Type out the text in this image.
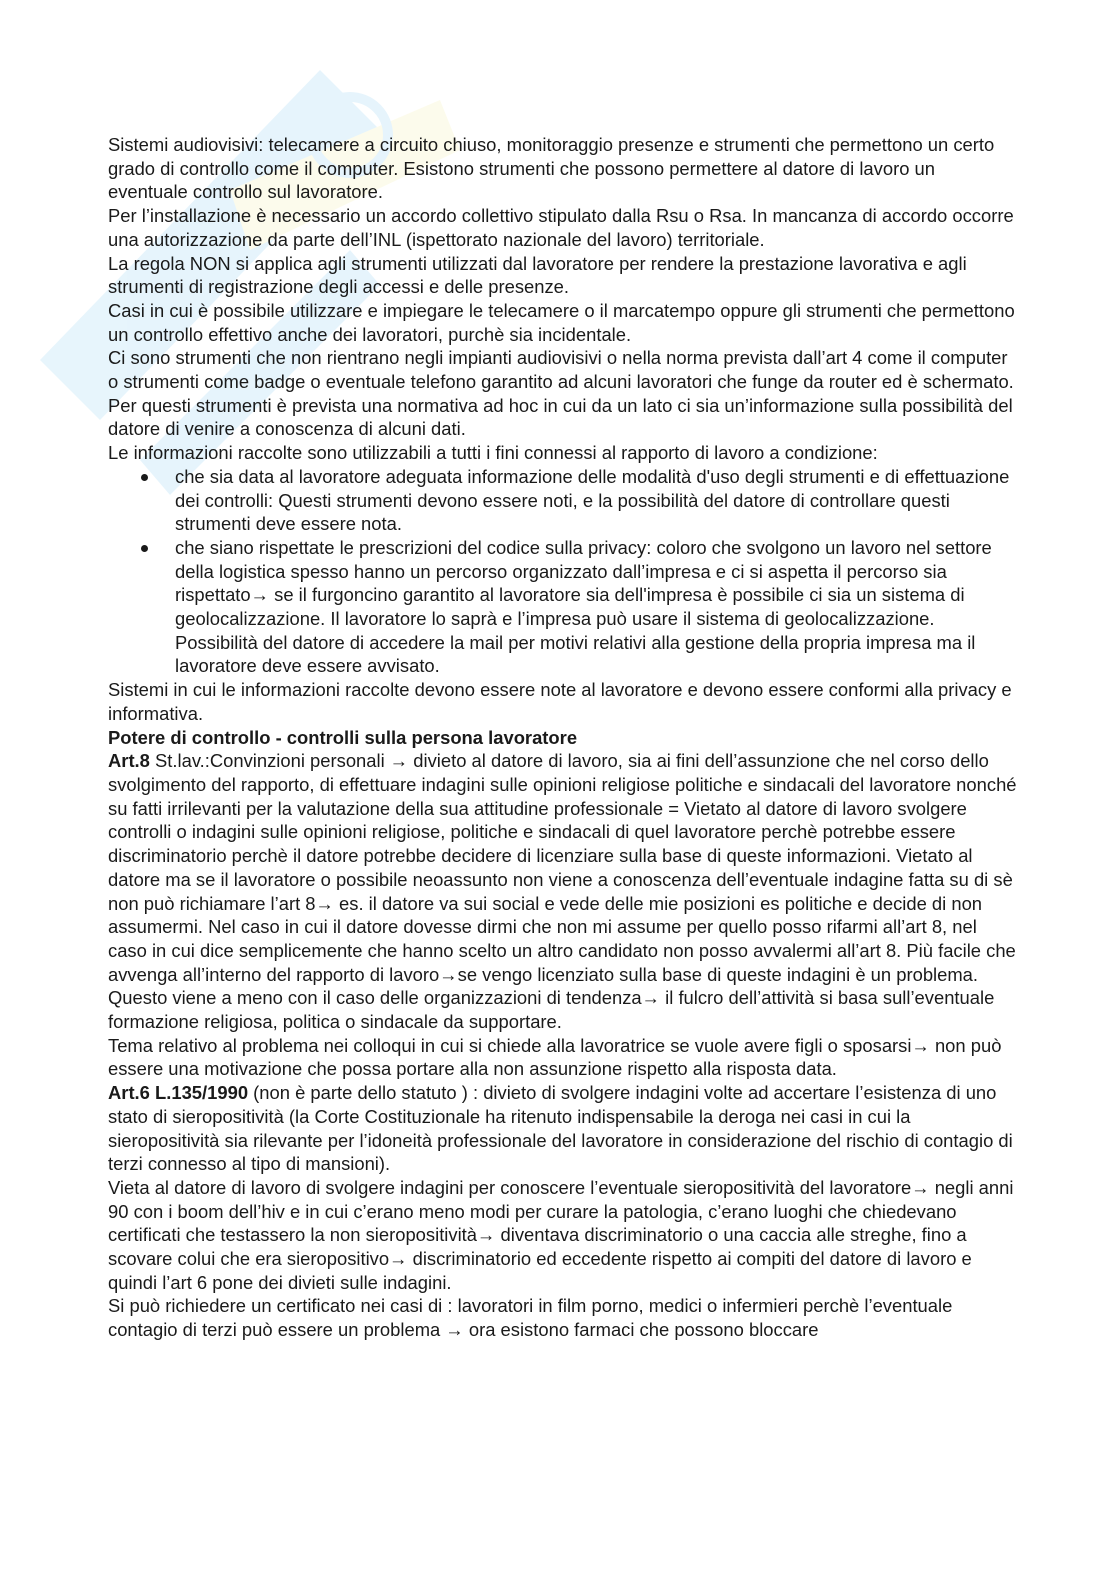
Sistemi audiovisivi: telecamere a circuito chiuso, monitoraggio presenze e strumenti che permettono un certo grado di controllo come il computer. Esistono strumenti che possono permettere al datore di lavoro un eventuale controllo sul lavoratore.

Per l’installazione è necessario un accordo collettivo stipulato dalla Rsu o Rsa. In mancanza di accordo occorre una autorizzazione da parte dell’INL (ispettorato nazionale del lavoro) territoriale.

La regola NON si applica agli strumenti utilizzati dal lavoratore per rendere la prestazione lavorativa e agli strumenti di registrazione degli accessi e delle presenze.

Casi in cui è possibile utilizzare e impiegare le telecamere o il marcatempo oppure gli strumenti che permettono un controllo effettivo anche dei lavoratori, purchè sia incidentale.

Ci sono strumenti che non rientrano negli impianti audiovisivi o nella norma prevista dall’art 4 come il computer o strumenti come badge o eventuale telefono garantito ad alcuni lavoratori che funge da router ed è schermato. Per questi strumenti è prevista una normativa ad hoc in cui da un lato ci sia un’informazione sulla possibilità del datore di venire a conoscenza di alcuni dati.

Le informazioni raccolte sono utilizzabili a tutti i fini connessi al rapporto di lavoro a condizione:

che sia data al lavoratore adeguata informazione delle modalità d'uso degli strumenti e di effettuazione dei controlli: Questi strumenti devono essere noti, e la possibilità del datore di controllare questi strumenti deve essere nota.
che siano rispettate le prescrizioni del codice sulla privacy: coloro che svolgono un lavoro nel settore della logistica spesso hanno un percorso organizzato dall’impresa e ci si aspetta il percorso sia rispettato→ se il furgoncino garantito al lavoratore sia dell'impresa è possibile ci sia un sistema di geolocalizzazione. Il lavoratore lo saprà e l’impresa può usare il sistema di geolocalizzazione.

Possibilità del datore di accedere la mail per motivi relativi alla gestione della propria impresa ma il lavoratore deve essere avvisato.

Sistemi in cui le informazioni raccolte devono essere note al lavoratore e devono essere conformi alla privacy e informativa.

Potere di controllo - controlli sulla persona lavoratore

Art.8 St.lav.:Convinzioni personali → divieto al datore di lavoro, sia ai fini dell’assunzione che nel corso dello svolgimento del rapporto, di effettuare indagini sulle opinioni religiose politiche e sindacali del lavoratore nonché su fatti irrilevanti per la valutazione della sua attitudine professionale = Vietato al datore di lavoro svolgere controlli o indagini sulle opinioni religiose, politiche e sindacali di quel lavoratore perchè potrebbe essere discriminatorio perchè il datore potrebbe decidere di licenziare sulla base di queste informazioni. Vietato al datore ma se il lavoratore o possibile neoassunto non viene a conoscenza dell’eventuale indagine fatta su di sè non può richiamare l’art 8→ es. il datore va sui social e vede delle mie posizioni es politiche e decide di non assumermi. Nel caso in cui il datore dovesse dirmi che non mi assume per quello posso rifarmi all’art 8, nel caso in cui dice semplicemente che hanno scelto un altro candidato non posso avvalermi all’art 8. Più facile che avvenga all’interno del rapporto di lavoro→se vengo licenziato sulla base di queste indagini è un problema.

Questo viene a meno con il caso delle organizzazioni di tendenza→ il fulcro dell’attività si basa sull’eventuale formazione religiosa, politica o sindacale da supportare.

Tema relativo al problema nei colloqui in cui si chiede alla lavoratrice se vuole avere figli o sposarsi→ non può essere una motivazione che possa portare alla non assunzione rispetto alla risposta data.

Art.6 L.135/1990 (non è parte dello statuto ) : divieto di svolgere indagini volte ad accertare l’esistenza di uno stato di sieropositività (la Corte Costituzionale ha ritenuto indispensabile la deroga nei casi in cui la sieropositività sia rilevante per l’idoneità professionale del lavoratore in considerazione del rischio di contagio di terzi connesso al tipo di mansioni).

Vieta al datore di lavoro di svolgere indagini per conoscere l’eventuale sieropositività del lavoratore→ negli anni 90 con i boom dell’hiv e in cui c’erano meno modi per curare la patologia, c’erano luoghi che chiedevano certificati che testassero la non sieropositività→ diventava discriminatorio o una caccia alle streghe, fino a scovare colui che era sieropositivo→ discriminatorio ed eccedente rispetto ai compiti del datore di lavoro e quindi l’art 6 pone dei divieti sulle indagini.

Si può richiedere un certificato nei casi di : lavoratori in film porno, medici o infermieri perchè l’eventuale contagio di terzi può essere un problema → ora esistono farmaci che possono bloccare
